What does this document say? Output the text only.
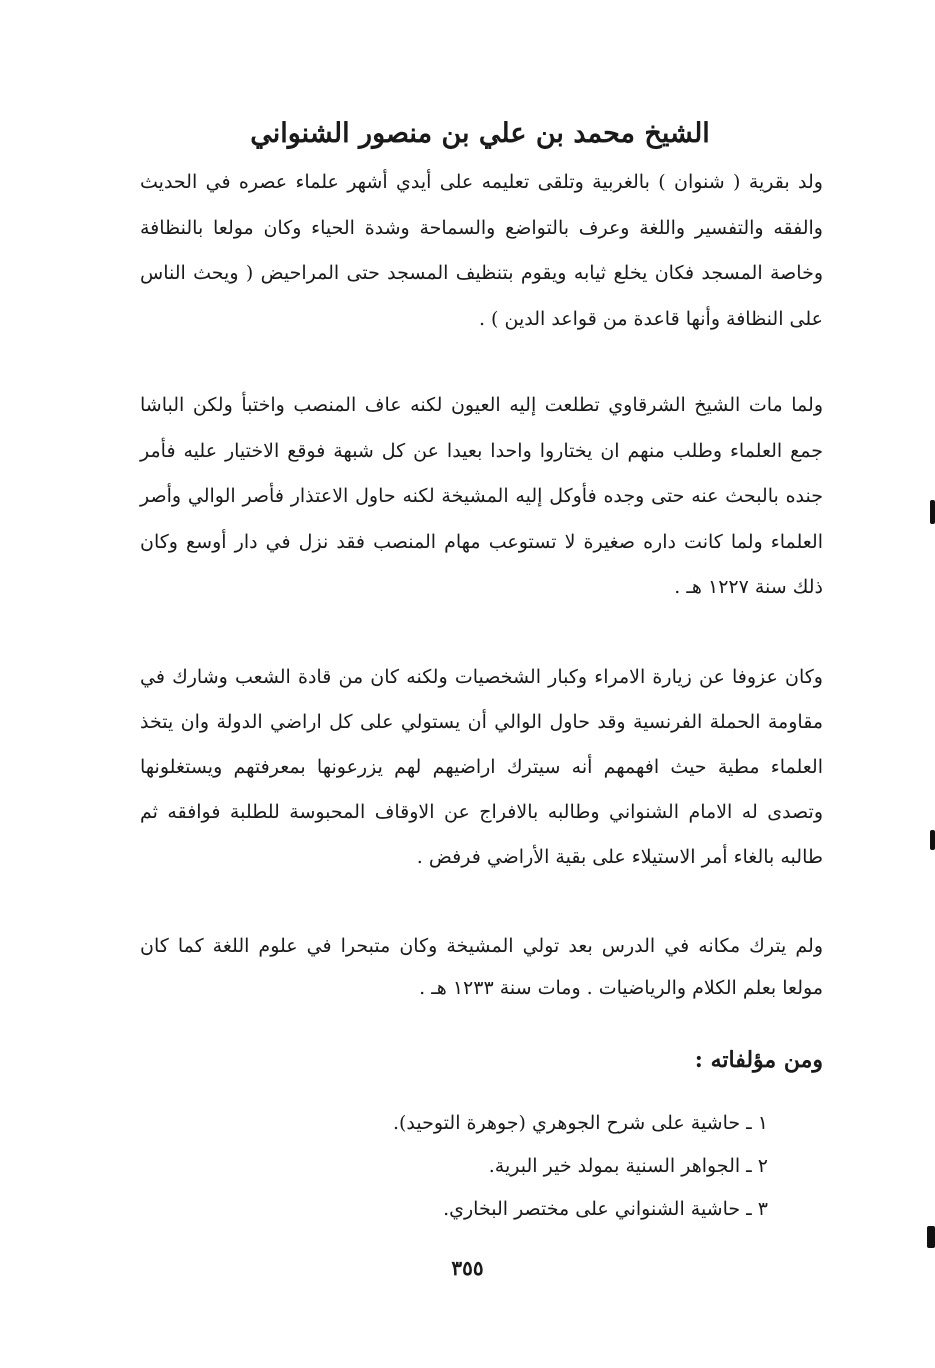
الشيخ محمد بن علي بن منصور الشنواني

ولد بقرية ( شنوان ) بالغربية وتلقى تعليمه على أيدي أشهر علماء عصره في الحديث والفقه والتفسير واللغة وعرف بالتواضع والسماحة وشدة الحياء وكان مولعا بالنظافة وخاصة المسجد فكان يخلع ثيابه ويقوم بتنظيف المسجد حتى المراحيض ( ويحث الناس على النظافة وأنها قاعدة من قواعد الدين ) .

ولما مات الشيخ الشرقاوي تطلعت إليه العيون لكنه عاف المنصب واختبأ ولكن الباشا جمع العلماء وطلب منهم ان يختاروا واحدا بعيدا عن كل شبهة فوقع الاختيار عليه فأمر جنده بالبحث عنه حتى وجده فأوكل إليه المشيخة لكنه حاول الاعتذار فأصر الوالي وأصر العلماء ولما كانت داره صغيرة لا تستوعب مهام المنصب فقد نزل في دار أوسع وكان ذلك سنة ١٢٢٧ هـ .

وكان عزوفا عن زيارة الامراء وكبار الشخصيات ولكنه كان من قادة الشعب وشارك في مقاومة الحملة الفرنسية وقد حاول الوالي أن يستولي على كل اراضي الدولة وان يتخذ العلماء مطية حيث افهمهم أنه سيترك اراضيهم لهم يزرعونها بمعرفتهم ويستغلونها وتصدى له الامام الشنواني وطالبه بالافراج عن الاوقاف المحبوسة للطلبة فوافقه ثم طالبه بالغاء أمر الاستيلاء على بقية الأراضي فرفض .

ولم يترك مكانه في الدرس بعد تولي المشيخة وكان متبحرا في علوم اللغة كما كان مولعا بعلم الكلام والرياضيات . ومات سنة ١٢٣٣ هـ .

ومن مؤلفاته :
١ ـ حاشية على شرح الجوهري (جوهرة التوحيد).
٢ ـ الجواهر السنية بمولد خير البرية.
٣ ـ حاشية الشنواني على مختصر البخاري.
٣٥٥
